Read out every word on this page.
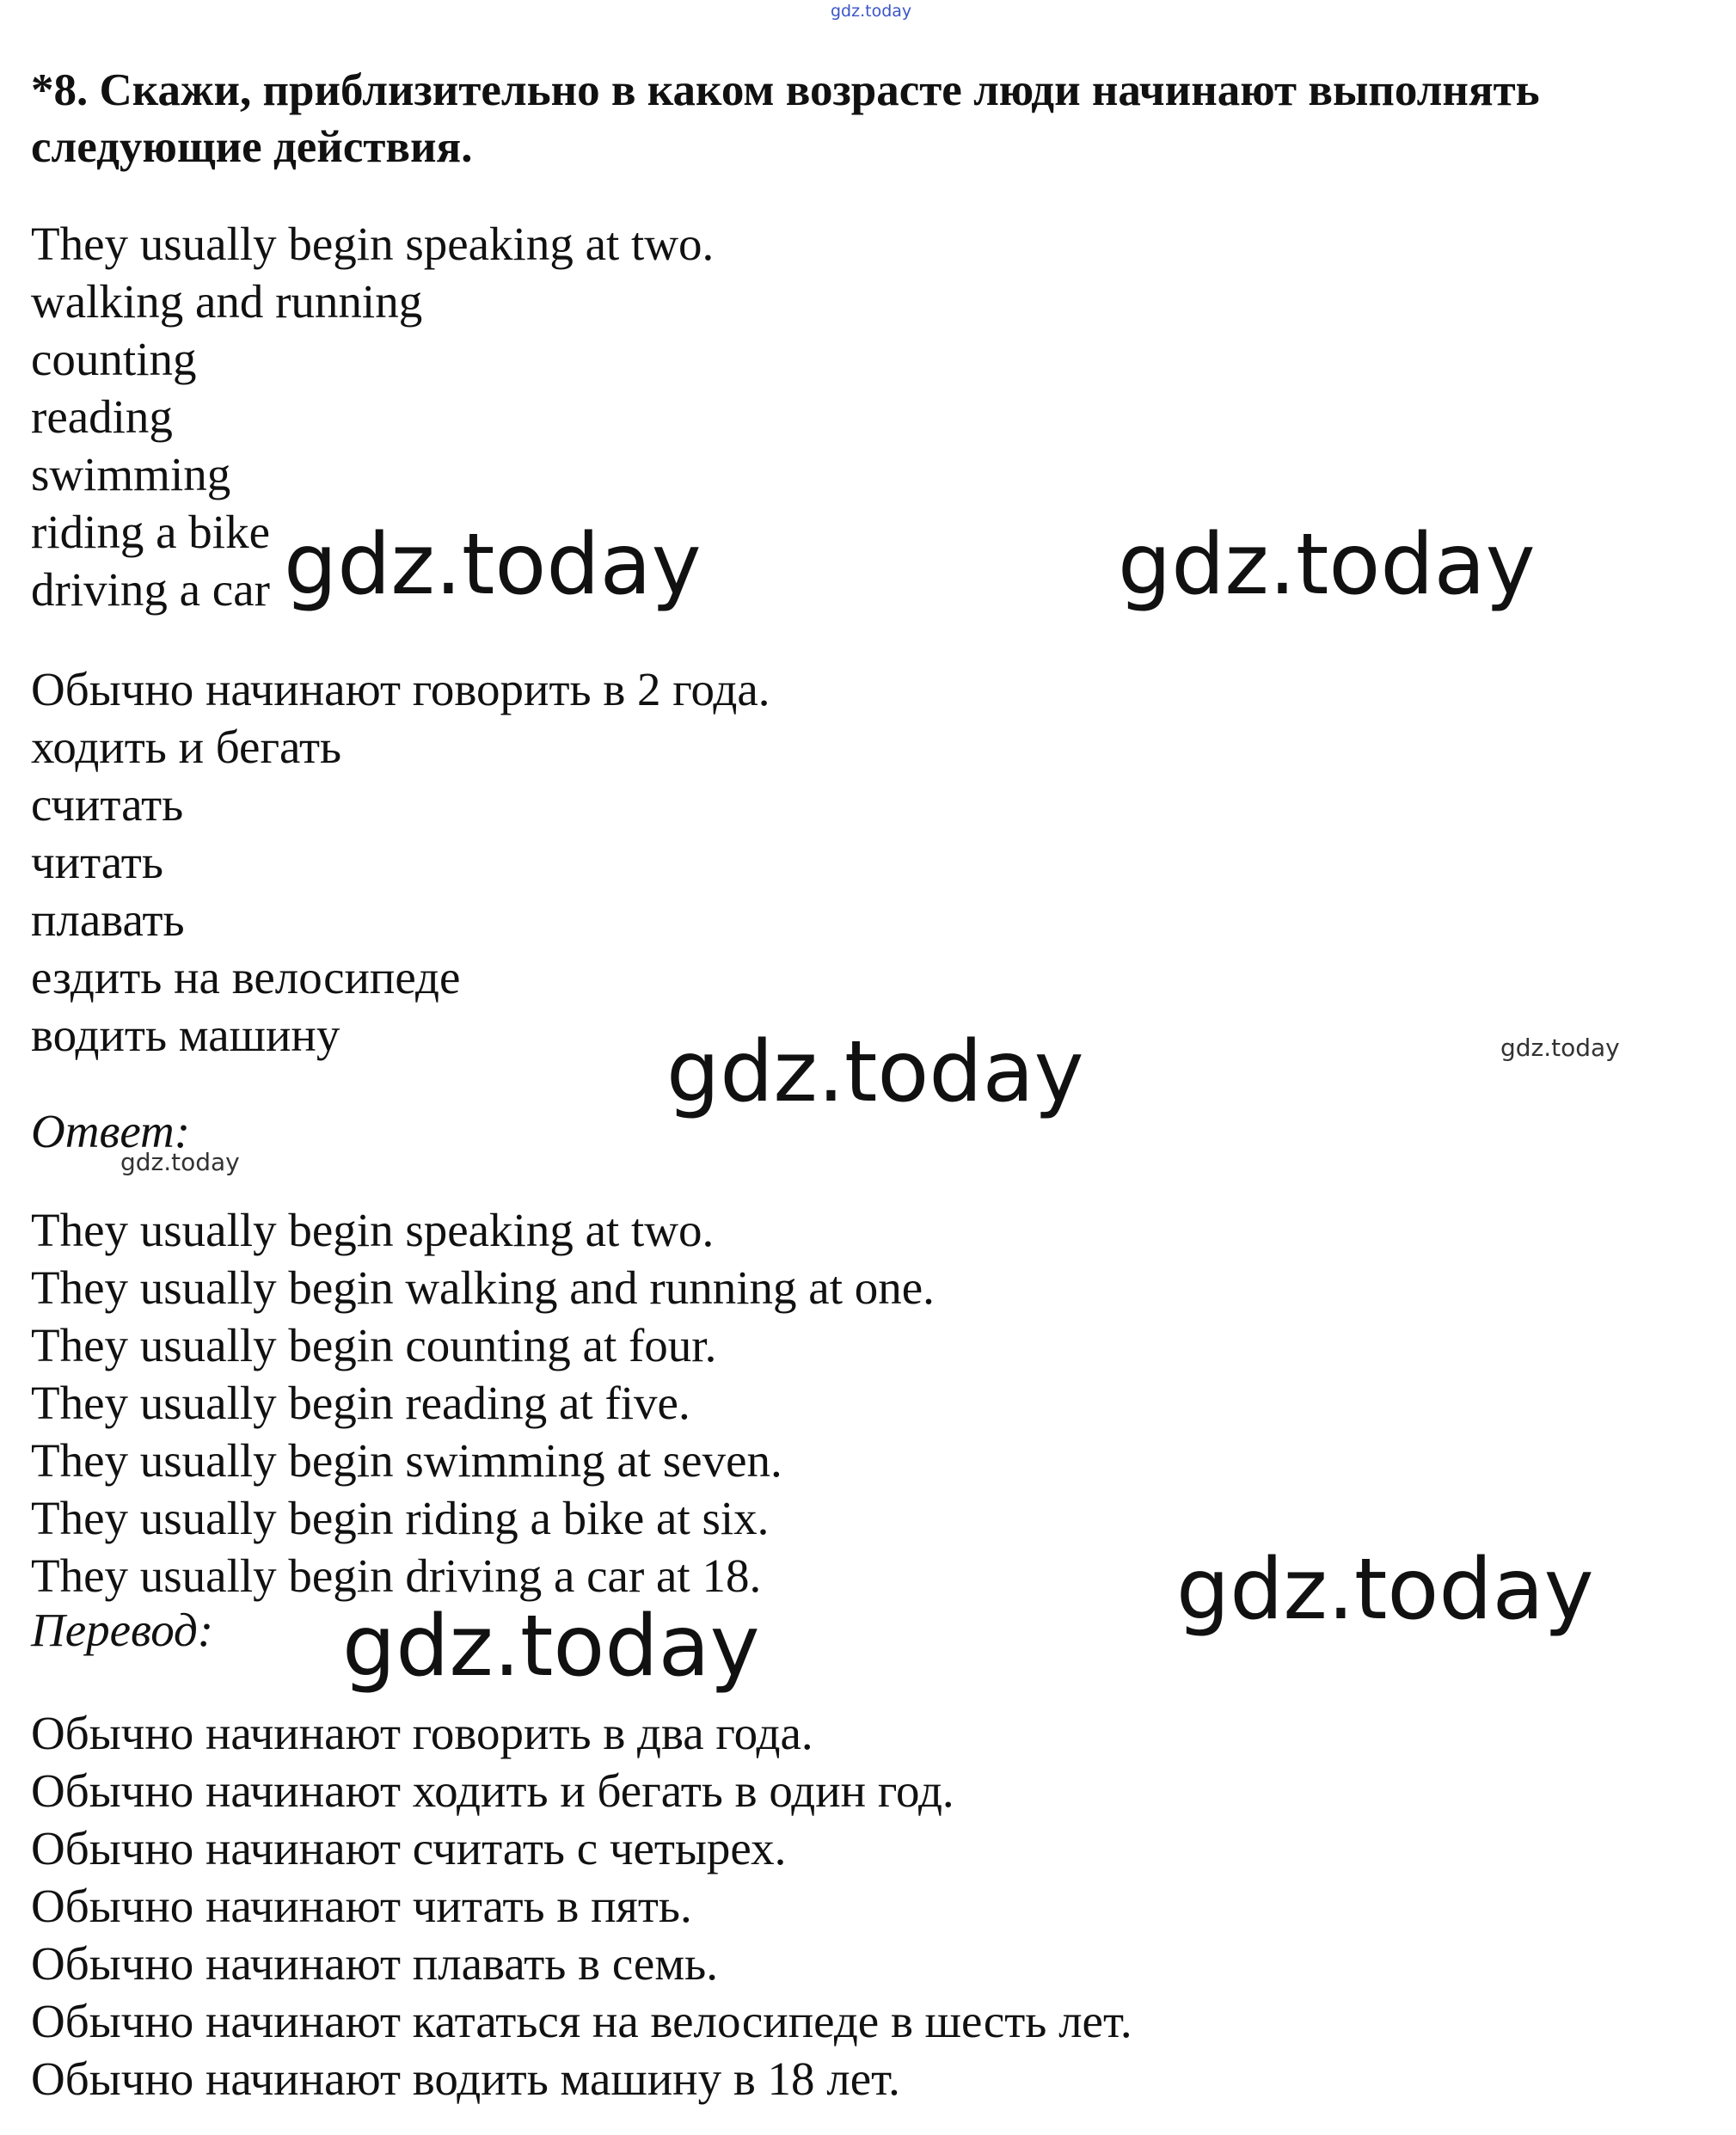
gdz.today
*8. Скажи, приблизительно в каком возрасте люди начинают выполнять следующие действия.
They usually begin speaking at two.
walking and running
counting
reading
swimming
riding a bike
driving a car
Обычно начинают говорить в 2 года.
ходить и бегать
считать
читать
плавать
ездить на велосипеде
водить машину

Ответ:

They usually begin speaking at two.
They usually begin walking and running at one.
They usually begin counting at four.
They usually begin reading at five.
They usually begin swimming at seven.
They usually begin riding a bike at six.
They usually begin driving a car at 18.

Перевод:

Обычно начинают говорить в два года.
Обычно начинают ходить и бегать в один год.
Обычно начинают считать с четырех.
Обычно начинают читать в пять.
Обычно начинают плавать в семь.
Обычно начинают кататься на велосипеде в шесть лет.
Обычно начинают водить машину в 18 лет.
gdz.today	gdz.today
gdz.today
gdz.today
gdz.today
gdz.today
gdz.today
